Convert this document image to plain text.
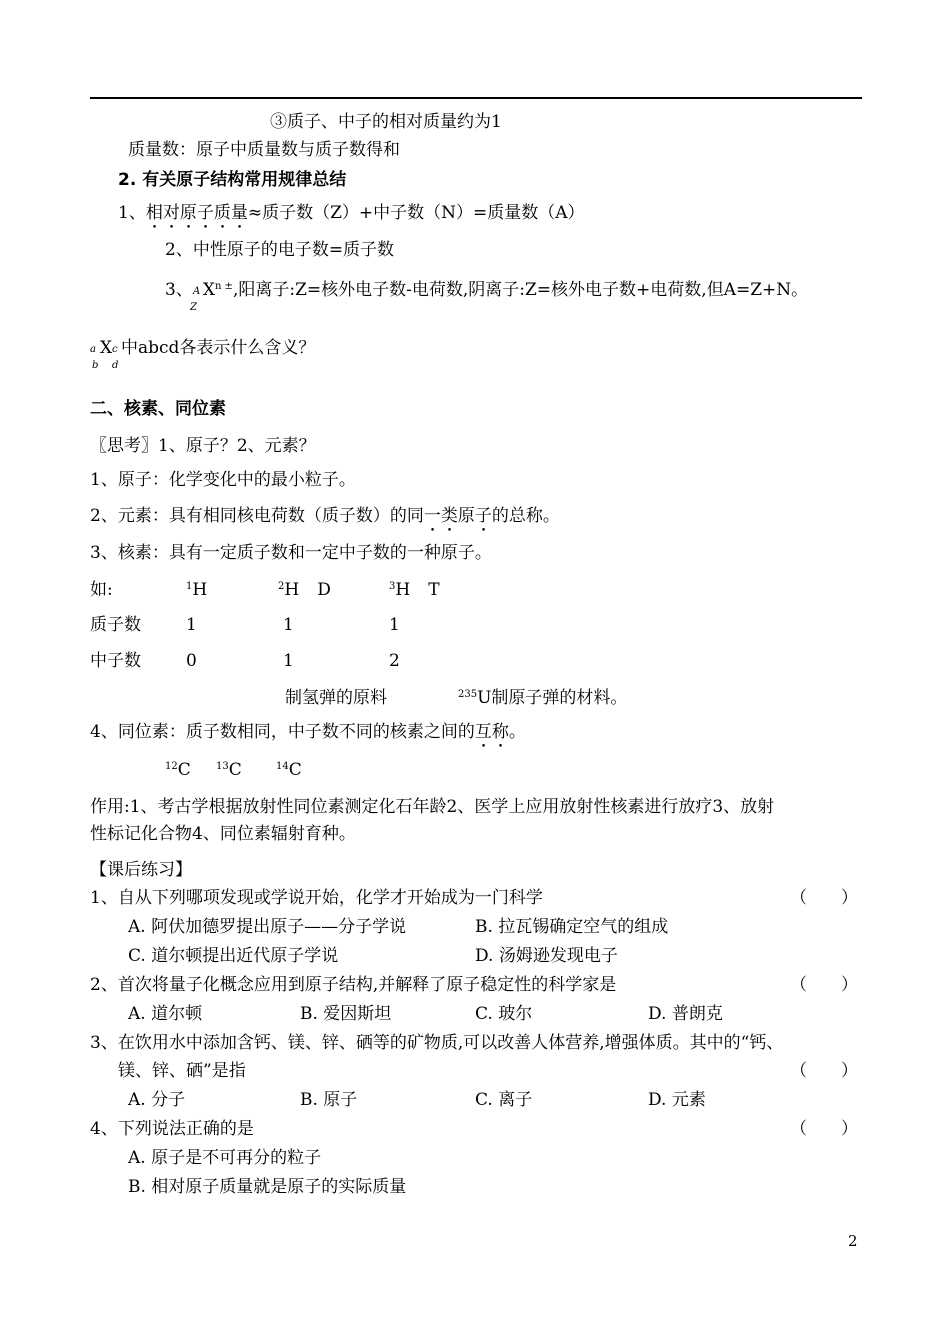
③质子、中子的相对质量约为1
质量数：原子中质量数与质子数得和
2. 有关原子结构常用规律总结
1、相对原子质量≈质子数（Z）+中子数（N）=质量数（A）
2、中性原子的电子数=质子数
3、 $X^{n \pm}$,阳离子:Z=核外电子数-电荷数,阴离子:Z=核外电子数+电荷数,但A=Z+N。
A
Z
a X c
b d
中abcd各表示什么含义？
二、核素、同位素
〖思考〗1、原子？2、元素？
1、原子：化学变化中的最小粒子。
2、元素：具有相同核电荷数（质子数）的同一类原子的总称。
3、核素：具有一定质子数和一定中子数的一种原子。
如:	$^1$H	$^2$H D	$^3$H T
质子数	1	1	1
中子数	0	1	2
制氢弹的原料	$^{235}$U制原子弹的材料。
4、同位素：质子数相同，中子数不同的核素之间的互称。
$^{12}$C	$^{13}$C	$^{14}$C
作用:1、考古学根据放射性同位素测定化石年龄2、医学上应用放射性核素进行放疗3、放射
性标记化合物4、同位素辐射育种。
【课后练习】
1、自从下列哪项发现或学说开始，化学才开始成为一门科学	（　　）
A. 阿伏加德罗提出原子——分子学说	B. 拉瓦锡确定空气的组成
C. 道尔顿提出近代原子学说	D. 汤姆逊发现电子
2、首次将量子化概念应用到原子结构,并解释了原子稳定性的科学家是	（　　）
A. 道尔顿	B. 爱因斯坦	C. 玻尔	D. 普朗克
3、在饮用水中添加含钙、镁、锌、硒等的矿物质,可以改善人体营养,增强体质。其中的“钙、
镁、锌、硒”是指	（　　）
A. 分子	B. 原子	C. 离子	D. 元素
4、下列说法正确的是	（　　）
A. 原子是不可再分的粒子
B. 相对原子质量就是原子的实际质量
2
